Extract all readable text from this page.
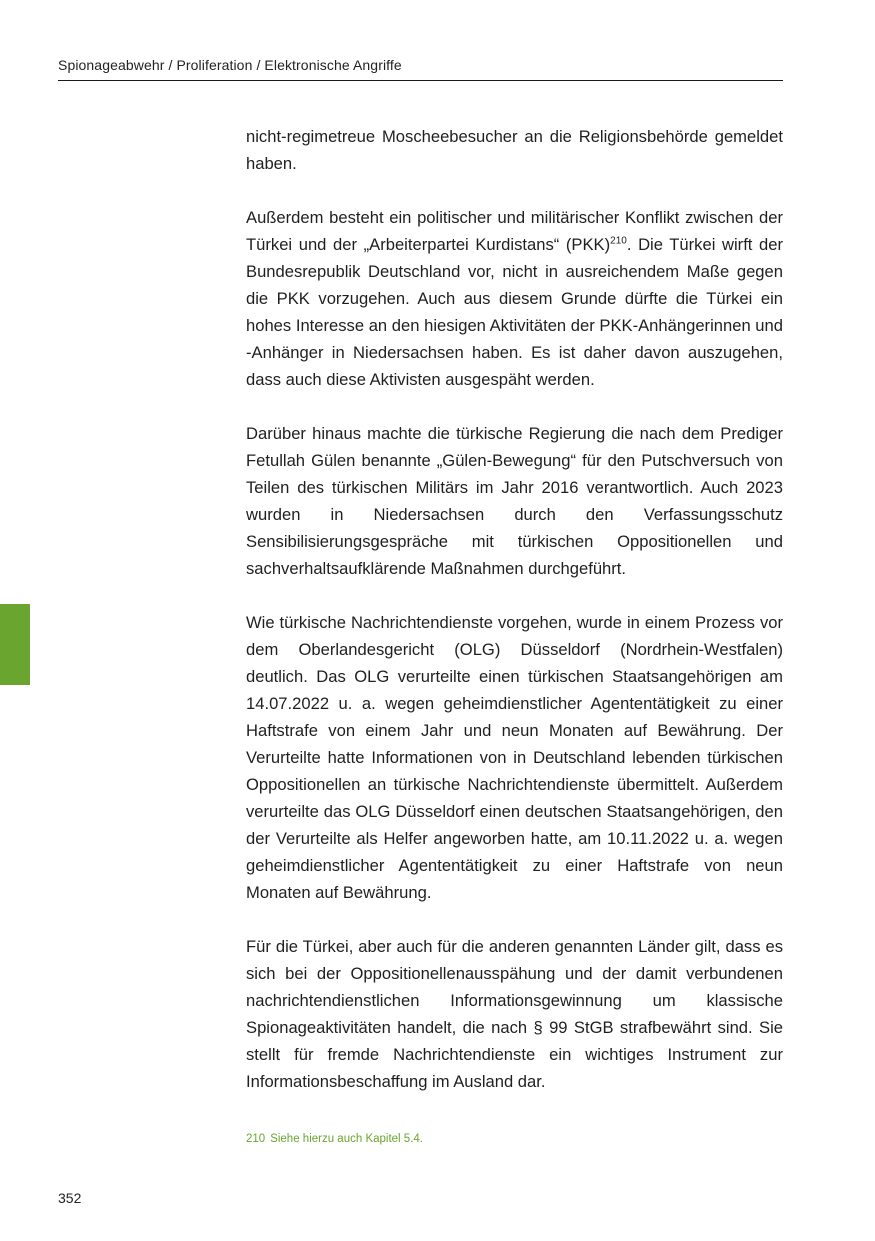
Spionageabwehr / Proliferation / Elektronische Angriffe

nicht-regimetreue Moscheebesucher an die Religionsbehörde gemeldet haben.

Außerdem besteht ein politischer und militärischer Konflikt zwischen der Türkei und der „Arbeiterpartei Kurdistans“ (PKK)$^{210}$. Die Türkei wirft der Bundesrepublik Deutschland vor, nicht in ausreichendem Maße gegen die PKK vorzugehen. Auch aus diesem Grunde dürfte die Türkei ein hohes Interesse an den hiesigen Aktivitäten der PKK-Anhängerinnen und -Anhänger in Niedersachsen haben. Es ist daher davon auszugehen, dass auch diese Aktivisten ausgespäht werden.

Darüber hinaus machte die türkische Regierung die nach dem Prediger Fetullah Gülen benannte „Gülen-Bewegung“ für den Putschversuch von Teilen des türkischen Militärs im Jahr 2016 verantwortlich. Auch 2023 wurden in Niedersachsen durch den Verfassungsschutz Sensibilisierungsgespräche mit türkischen Oppositionellen und sachverhaltsaufklärende Maßnahmen durchgeführt.

Wie türkische Nachrichtendienste vorgehen, wurde in einem Prozess vor dem Oberlandesgericht (OLG) Düsseldorf (Nordrhein-Westfalen) deutlich. Das OLG verurteilte einen türkischen Staatsangehörigen am 14.07.2022 u. a. wegen geheimdienstlicher Agententätigkeit zu einer Haftstrafe von einem Jahr und neun Monaten auf Bewährung. Der Verurteilte hatte Informationen von in Deutschland lebenden türkischen Oppositionellen an türkische Nachrichtendienste übermittelt. Außerdem verurteilte das OLG Düsseldorf einen deutschen Staatsangehörigen, den der Verurteilte als Helfer angeworben hatte, am 10.11.2022 u. a. wegen geheimdienstlicher Agententätigkeit zu einer Haftstrafe von neun Monaten auf Bewährung.

Für die Türkei, aber auch für die anderen genannten Länder gilt, dass es sich bei der Oppositionellenausspähung und der damit verbundenen nachrichtendienstlichen Informationsgewinnung um klassische Spionageaktivitäten handelt, die nach § 99 StGB strafbewährt sind. Sie stellt für fremde Nachrichtendienste ein wichtiges Instrument zur Informationsbeschaffung im Ausland dar.

210 Siehe hierzu auch Kapitel 5.4.
352
